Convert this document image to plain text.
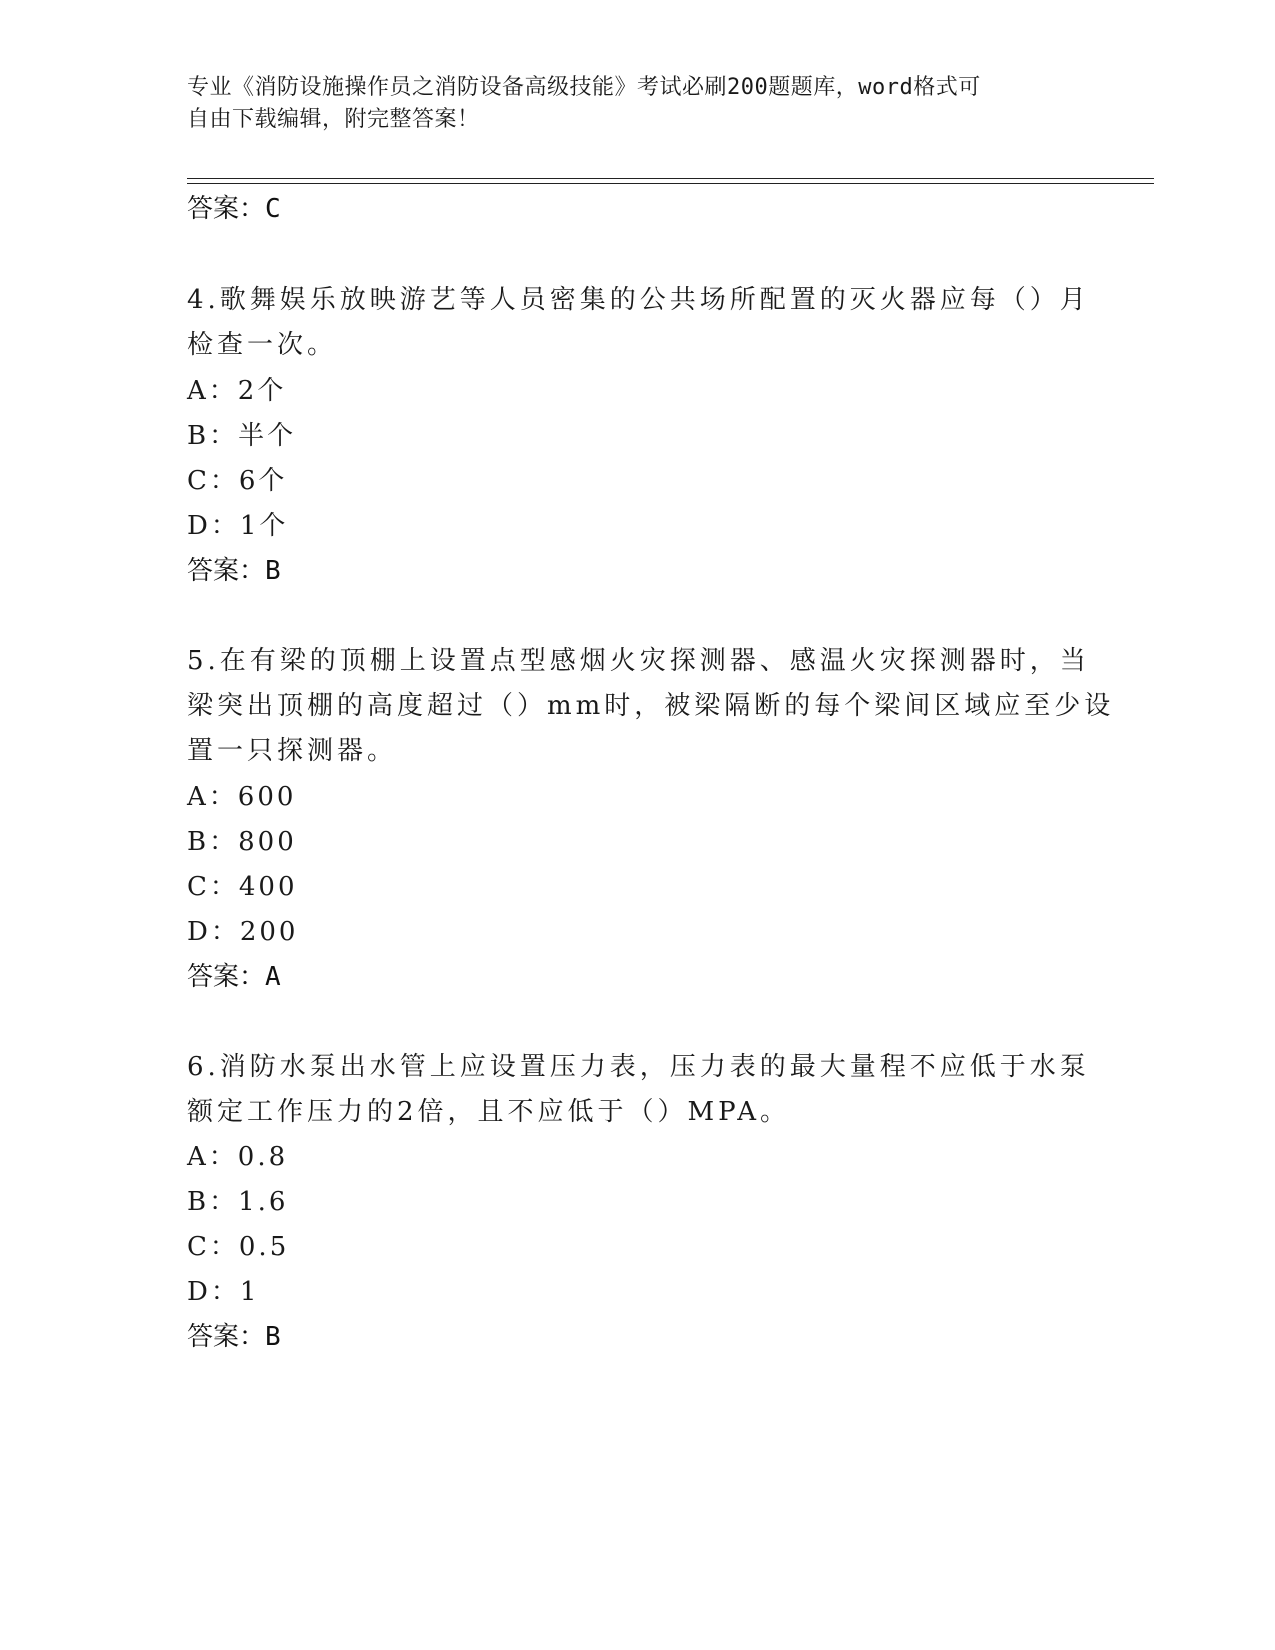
专业《消防设施操作员之消防设备高级技能》考试必刷200题题库，word格式可
自由下载编辑，附完整答案！
答案：C
4.歌舞娱乐放映游艺等人员密集的公共场所配置的灭火器应每（）月
检查一次。
A：2个
B：半个
C：6个
D：1个
答案：B
5.在有梁的顶棚上设置点型感烟火灾探测器、感温火灾探测器时，当
梁突出顶棚的高度超过（）mm时，被梁隔断的每个梁间区域应至少设
置一只探测器。
A：600
B：800
C：400
D：200
答案：A
6.消防水泵出水管上应设置压力表，压力表的最大量程不应低于水泵
额定工作压力的2倍，且不应低于（）MPA。
A：0.8
B：1.6
C：0.5
D：1
答案：B
